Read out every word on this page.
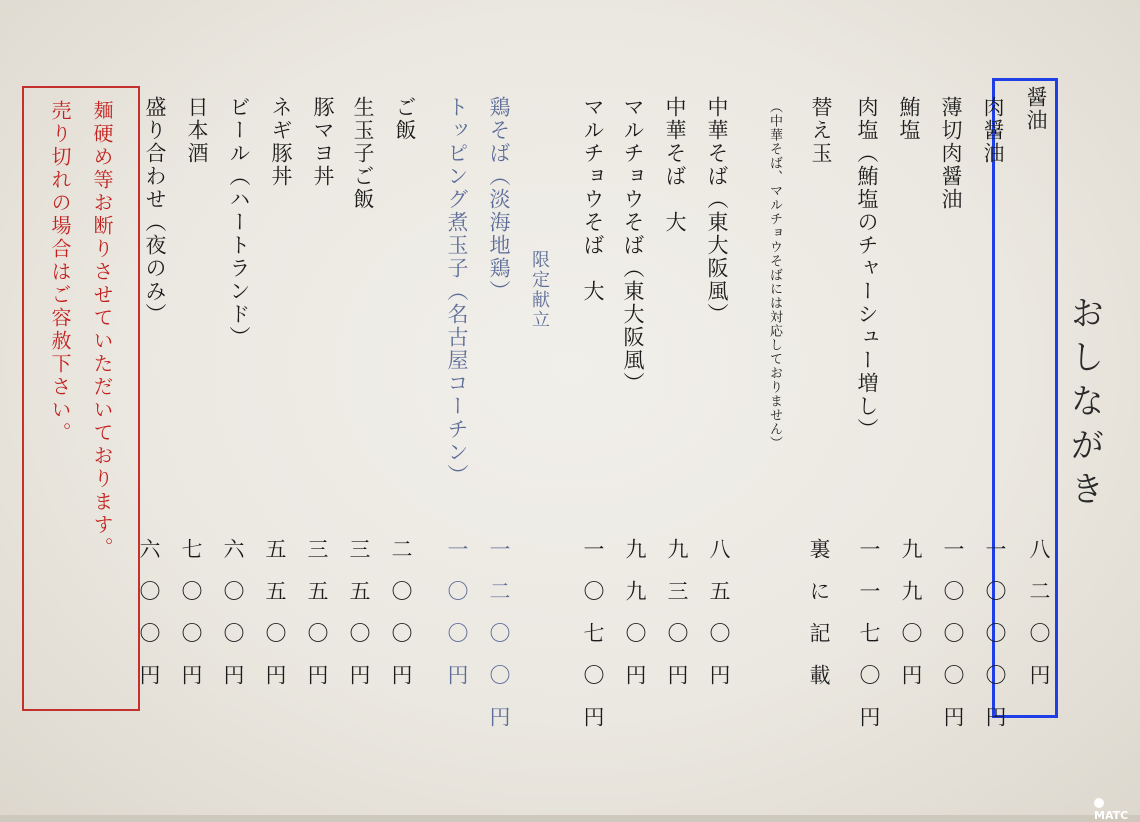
おしながき
醤油
肉醤油
薄切肉醤油
鮪塩
肉塩（鮪塩のチャーシュー増し）
替え玉
（中華そば、マルチョウそばには対応しておりません）
中華そば（東大阪風）
中華そば　大
マルチョウそば（東大阪風）
マルチョウそば　大
限定献立
鶏そば（淡海地鶏）
トッピング煮玉子（名古屋コーチン）
ご飯
生玉子ご飯
豚マヨ丼
ネギ豚丼
ビール（ハートランド）
日本酒
盛り合わせ（夜のみ）
八二〇円
一〇〇〇円
一〇〇〇円
九九〇円
一一七〇円
裏に記載
八五〇円
九三〇円
九九〇円
一〇七〇円
一二〇〇円
一〇〇円
二〇〇円
三五〇円
三五〇円
五五〇円
六〇〇円
七〇〇円
六〇〇円
麺硬め等お断りさせていただいております。
売り切れの場合はご容赦下さい。
MATC
